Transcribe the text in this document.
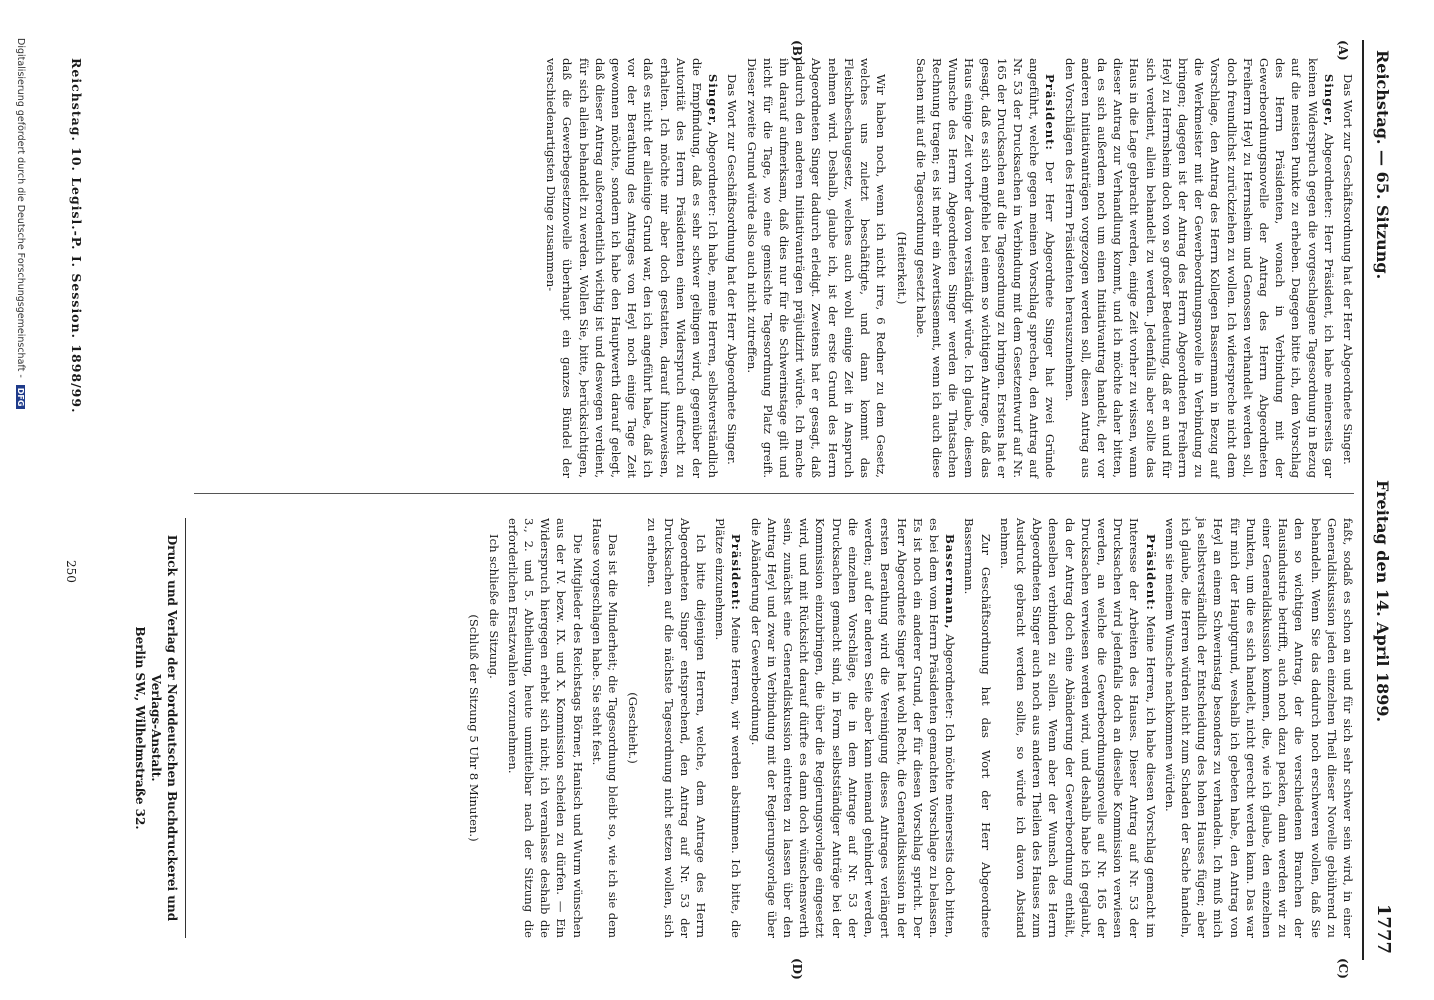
Reichstag. — 65. Sitzung.
Freitag den 14. April 1899.
1777
(A)
(B)
(C)
(D)

Das Wort zur Geschäftsordnung hat der Herr Abgeordnete Singer.

Singer, Abgeordneter: Herr Präsident, ich habe meinerseits gar keinen Widerspruch gegen die vorgeschlagene Tagesordnung in Bezug auf die meisten Punkte zu erheben. Dagegen bitte ich, den Vorschlag des Herrn Präsidenten, wonach in Verbindung mit der Gewerbeordnungsnovelle der Antrag des Herrn Abgeordneten Freiherrn Heyl zu Herrnsheim und Genossen verhandelt werden soll, doch freundlichst zurückziehen zu wollen. Ich widerspreche nicht dem Vorschlage, den Antrag des Herrn Kollegen Bassermann in Bezug auf die Werkmeister mit der Gewerbeordnungsnovelle in Verbindung zu bringen; dagegen ist der Antrag des Herrn Abgeordneten Freiherrn Heyl zu Herrnsheim doch von so großer Bedeutung, daß er an und für sich verdient, allein behandelt zu werden. Jedenfalls aber sollte das Haus in die Lage gebracht werden, einige Zeit vorher zu wissen, wann dieser Antrag zur Verhandlung kommt, und ich möchte daher bitten, da es sich außerdem noch um einen Initiativantrag handelt, der vor anderen Initiativanträgen vorgezogen werden soll, diesen Antrag aus den Vorschlägen des Herrn Präsidenten herauszunehmen.

Präsident: Der Herr Abgeordnete Singer hat zwei Gründe angeführt, welche gegen meinen Vorschlag sprechen, den Antrag auf Nr. 53 der Drucksachen in Verbindung mit dem Gesetzentwurf auf Nr. 165 der Drucksachen auf die Tagesordnung zu bringen. Erstens hat er gesagt, daß es sich empfehle bei einem so wichtigen Antrage, daß das Haus einige Zeit vorher davon verständigt würde. Ich glaube, diesem Wunsche des Herrn Abgeordneten Singer werden die Thatsachen Rechnung tragen; es ist mehr ein Avertissement, wenn ich auch diese Sachen mit auf die Tagesordnung gesetzt habe.

(Heiterkeit.)

Wir haben noch, wenn ich nicht irre, 6 Redner zu dem Gesetz, welches uns zuletzt beschäftigte, und dann kommt das Fleischbeschaugesetz, welches auch wohl einige Zeit in Anspruch nehmen wird. Deshalb, glaube ich, ist der erste Grund des Herrn Abgeordneten Singer dadurch erledigt. Zweitens hat er gesagt, daß dadurch den anderen Initiativanträgen präjudizirt würde. Ich mache ihn darauf aufmerksam, daß dies nur für die Schwerinstage gilt und nicht für die Tage, wo eine gemischte Tagesordnung Platz greift. Dieser zweite Grund würde also auch nicht zutreffen.

Das Wort zur Geschäftsordnung hat der Herr Abgeordnete Singer.

Singer, Abgeordneter: Ich habe, meine Herren, selbstverständlich die Empfindung, daß es sehr schwer gelingen wird, gegenüber der Autorität des Herrn Präsidenten einen Widerspruch aufrecht zu erhalten. Ich möchte mir aber doch gestatten, darauf hinzuweisen, daß es nicht der alleinige Grund war, den ich angeführt habe, daß ich vor der Berathung des Antrages von Heyl noch einige Tage Zeit gewonnen möchte, sondern ich habe den Hauptwerth darauf gelegt, daß dieser Antrag außerordentlich wichtig ist und deswegen verdient, für sich allein behandelt zu werden. Wollen Sie, bitte, berücksichtigen, daß die Gewerbegesetznovelle überhaupt ein ganzes Bündel der verschiedenartigsten Dinge zusammen-

faßt, sodaß es schon an und für sich sehr schwer sein wird, in einer Generaldiskussion jeden einzelnen Theil dieser Novelle gebührend zu behandeln. Wenn Sie das dadurch noch erschweren wollen, daß Sie den so wichtigen Antrag, der die verschiedenen Branchen der Hausindustrie betrifft, auch noch dazu packen, dann werden wir zu einer Generaldiskussion kommen, die, wie ich glaube, den einzelnen Punkten, um die es sich handelt, nicht gerecht werden kann. Das war für mich der Hauptgrund, weshalb ich gebeten habe, den Antrag von Heyl an einem Schwerinstag besonders zu verhandeln. Ich muß mich ja selbstverständlich der Entscheidung des hohen Hauses fügen; aber ich glaube, die Herren würden nicht zum Schaden der Sache handeln, wenn sie meinem Wunsche nachkommen würden.

Präsident: Meine Herren, ich habe diesen Vorschlag gemacht im Interesse der Arbeiten des Hauses. Dieser Antrag auf Nr. 53 der Drucksachen wird jedenfalls doch an dieselbe Kommission verwiesen werden, an welche die Gewerbeordnungsnovelle auf Nr. 165 der Drucksachen verwiesen werden wird, und deshalb habe ich geglaubt, da der Antrag doch eine Abänderung der Gewerbeordnung enthält, denselben verbinden zu sollen. Wenn aber der Wunsch des Herrn Abgeordneten Singer auch noch aus anderen Theilen des Hauses zum Ausdruck gebracht werden sollte, so würde ich davon Abstand nehmen.

Zur Geschäftsordnung hat das Wort der Herr Abgeordnete Bassermann.

Bassermann, Abgeordneter: Ich möchte meinerseits doch bitten, es bei dem vom Herrn Präsidenten gemachten Vorschlage zu belassen. Es ist noch ein anderer Grund, der für diesen Vorschlag spricht. Der Herr Abgeordnete Singer hat wohl Recht, die Generaldiskussion in der ersten Berathung wird die Vereinigung dieses Antrages verlängert werden; auf der anderen Seite aber kann niemand gehindert werden, die einzelnen Vorschläge, die in dem Antrage auf Nr. 53 der Drucksachen gemacht sind, in Form selbstständiger Anträge bei der Kommission einzubringen, die über die Regierungsvorlage eingesetzt wird, und mit Rücksicht darauf dürfte es dann doch wünschenswerth sein, zunächst eine Generaldiskussion eintreten zu lassen über den Antrag Heyl und zwar in Verbindung mit der Regierungsvorlage über die Abänderung der Gewerbeordnung.

Präsident: Meine Herren, wir werden abstimmen. Ich bitte, die Plätze einzunehmen.

Ich bitte diejenigen Herren, welche, dem Antrage des Herrn Abgeordneten Singer entsprechend, den Antrag auf Nr. 53 der Drucksachen auf die nächste Tagesordnung nicht setzen wollen, sich zu erheben.

(Geschieht.)

Das ist die Minderheit; die Tagesordnung bleibt so, wie ich sie dem Hause vorgeschlagen habe. Sie steht fest.

Die Mitglieder des Reichstags Börner, Hanisch und Wurm wünschen aus der IV. bezw. IX. und X. Kommission scheiden zu dürfen. — Ein Widerspruch hiergegen erhebt sich nicht; ich veranlasse deshalb die 3., 2. und 5. Abtheilung, heute unmittelbar nach der Sitzung die erforderlichen Ersatzwahlen vorzunehmen.

Ich schließe die Sitzung.

(Schluß der Sitzung 5 Uhr 8 Minuten.)

Druck und Verlag der Norddeutschen Buchdruckerei und Verlags-Anstalt.
Berlin SW., Wilhelmstraße 32.
Reichstag. 10. Legisl.-P. I. Session. 1898/99.
250
Digitalisierung gefördert durch die Deutsche Forschungsgemeinschaft - DFG
